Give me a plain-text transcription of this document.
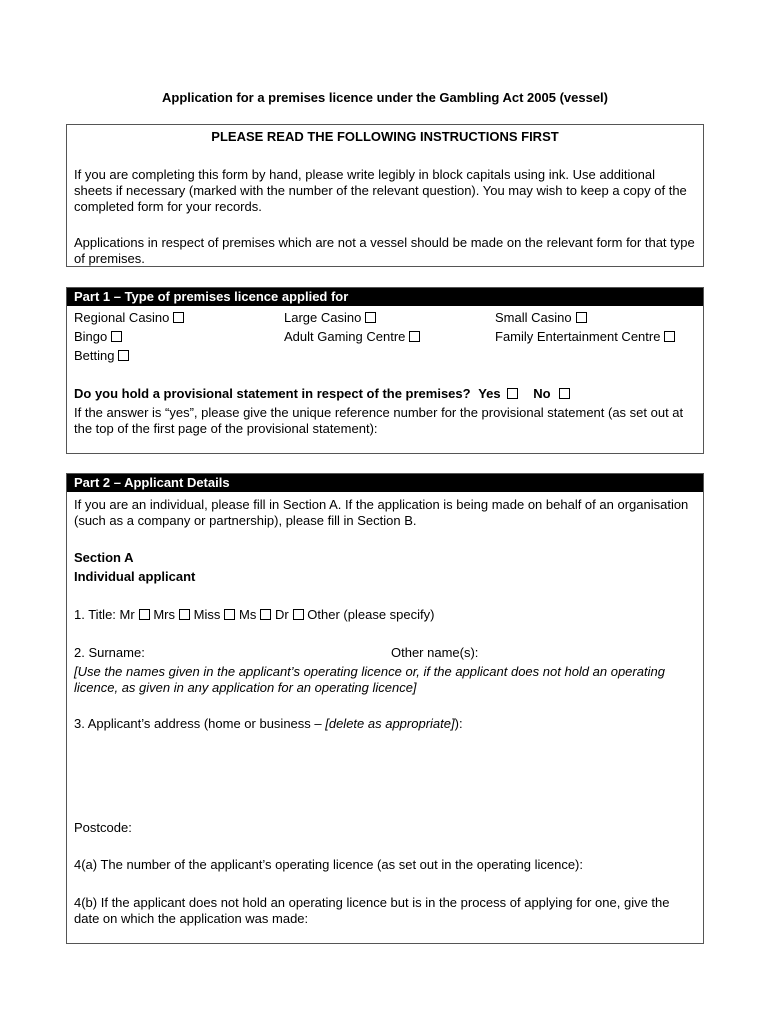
Application for a premises licence under the Gambling Act 2005 (vessel)
PLEASE READ THE FOLLOWING INSTRUCTIONS FIRST
If you are completing this form by hand, please write legibly in block capitals using ink. Use additional sheets if necessary (marked with the number of the relevant question). You may wish to keep a copy of the completed form for your records.
Applications in respect of premises which are not a vessel should be made on the relevant form for that type of premises.
Part 1 – Type of premises licence applied for
Regional Casino	Large Casino	Small Casino
Bingo	Adult Gaming Centre	Family Entertainment Centre
Betting
Do you hold a provisional statement in respect of the premises? Yes	No
If the answer is “yes”, please give the unique reference number for the provisional statement (as set out at the top of the first page of the provisional statement):
Part 2 – Applicant Details
If you are an individual, please fill in Section A. If the application is being made on behalf of an organisation (such as a company or partnership), please fill in Section B.
Section A
Individual applicant
1. Title: Mr Mrs Miss Ms Dr Other (please specify)
2. Surname:	Other name(s):
[Use the names given in the applicant’s operating licence or, if the applicant does not hold an operating licence, as given in any application for an operating licence]
3. Applicant’s address (home or business – [delete as appropriate]):
Postcode:
4(a) The number of the applicant’s operating licence (as set out in the operating licence):
4(b) If the applicant does not hold an operating licence but is in the process of applying for one, give the date on which the application was made:
